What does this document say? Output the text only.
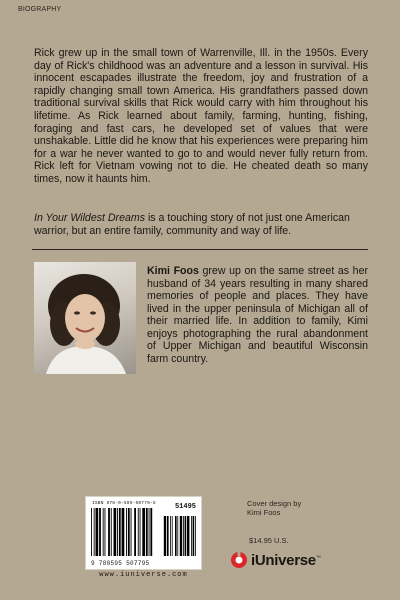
BIOGRAPHY

Rick grew up in the small town of Warrenville, Ill. in the 1950s. Every day of Rick's childhood was an adventure and a lesson in survival. His innocent escapades illustrate the freedom, joy and frustration of a rapidly changing small town America. His grandfathers passed down traditional survival skills that Rick would carry with him throughout his lifetime. As Rick learned about family, farming, hunting, fishing, foraging and fast cars, he developed set of values that were unshakable. Little did he know that his experiences were preparing him for a war he never wanted to go to and would never fully return from. Rick left for Vietnam vowing not to die. He cheated death so many times, now it haunts him.

In Your Wildest Dreams is a touching story of not just one American warrior, but an entire family, community and way of life.

Kimi Foos grew up on the same street as her husband of 34 years resulting in many shared memories of people and places. They have lived in the upper peninsula of Michigan all of their married life. In addition to family, Kimi enjoys photographing the rural abandonment of Upper Michigan and beautiful Wisconsin farm country.

ISBN 978-0-595-50779-5	51495
9 780595 507795
www.iuniverse.com
Cover design by
Kimi Foos
$14.95 U.S.
iUniverse™
